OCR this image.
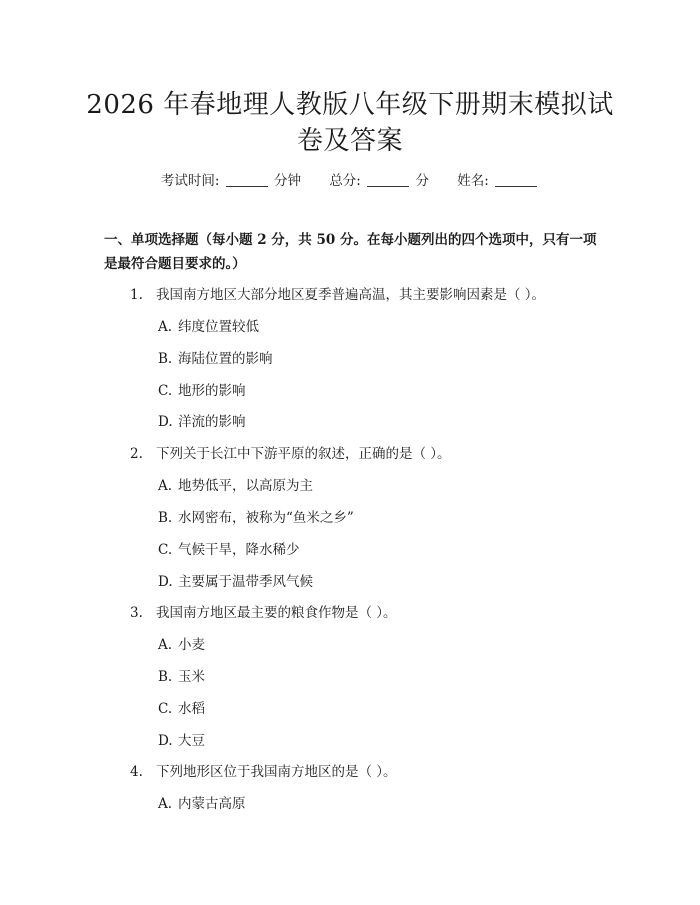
2026 年春地理人教版八年级下册期末模拟试
卷及答案
考试时间:	分钟 总分:	分 姓名:

一、单项选择题（每小题 2 分，共 50 分。在每小题列出的四个选项中，只有一项是最符合题目要求的。）

1. 我国南方地区大部分地区夏季普遍高温，其主要影响因素是（ ）。

A. 纬度位置较低

B. 海陆位置的影响

C. 地形的影响

D. 洋流的影响

2. 下列关于长江中下游平原的叙述，正确的是（ ）。

A. 地势低平，以高原为主

B. 水网密布，被称为“鱼米之乡”

C. 气候干旱，降水稀少

D. 主要属于温带季风气候

3. 我国南方地区最主要的粮食作物是（ ）。

A. 小麦

B. 玉米

C. 水稻

D. 大豆

4. 下列地形区位于我国南方地区的是（ ）。

A. 内蒙古高原
